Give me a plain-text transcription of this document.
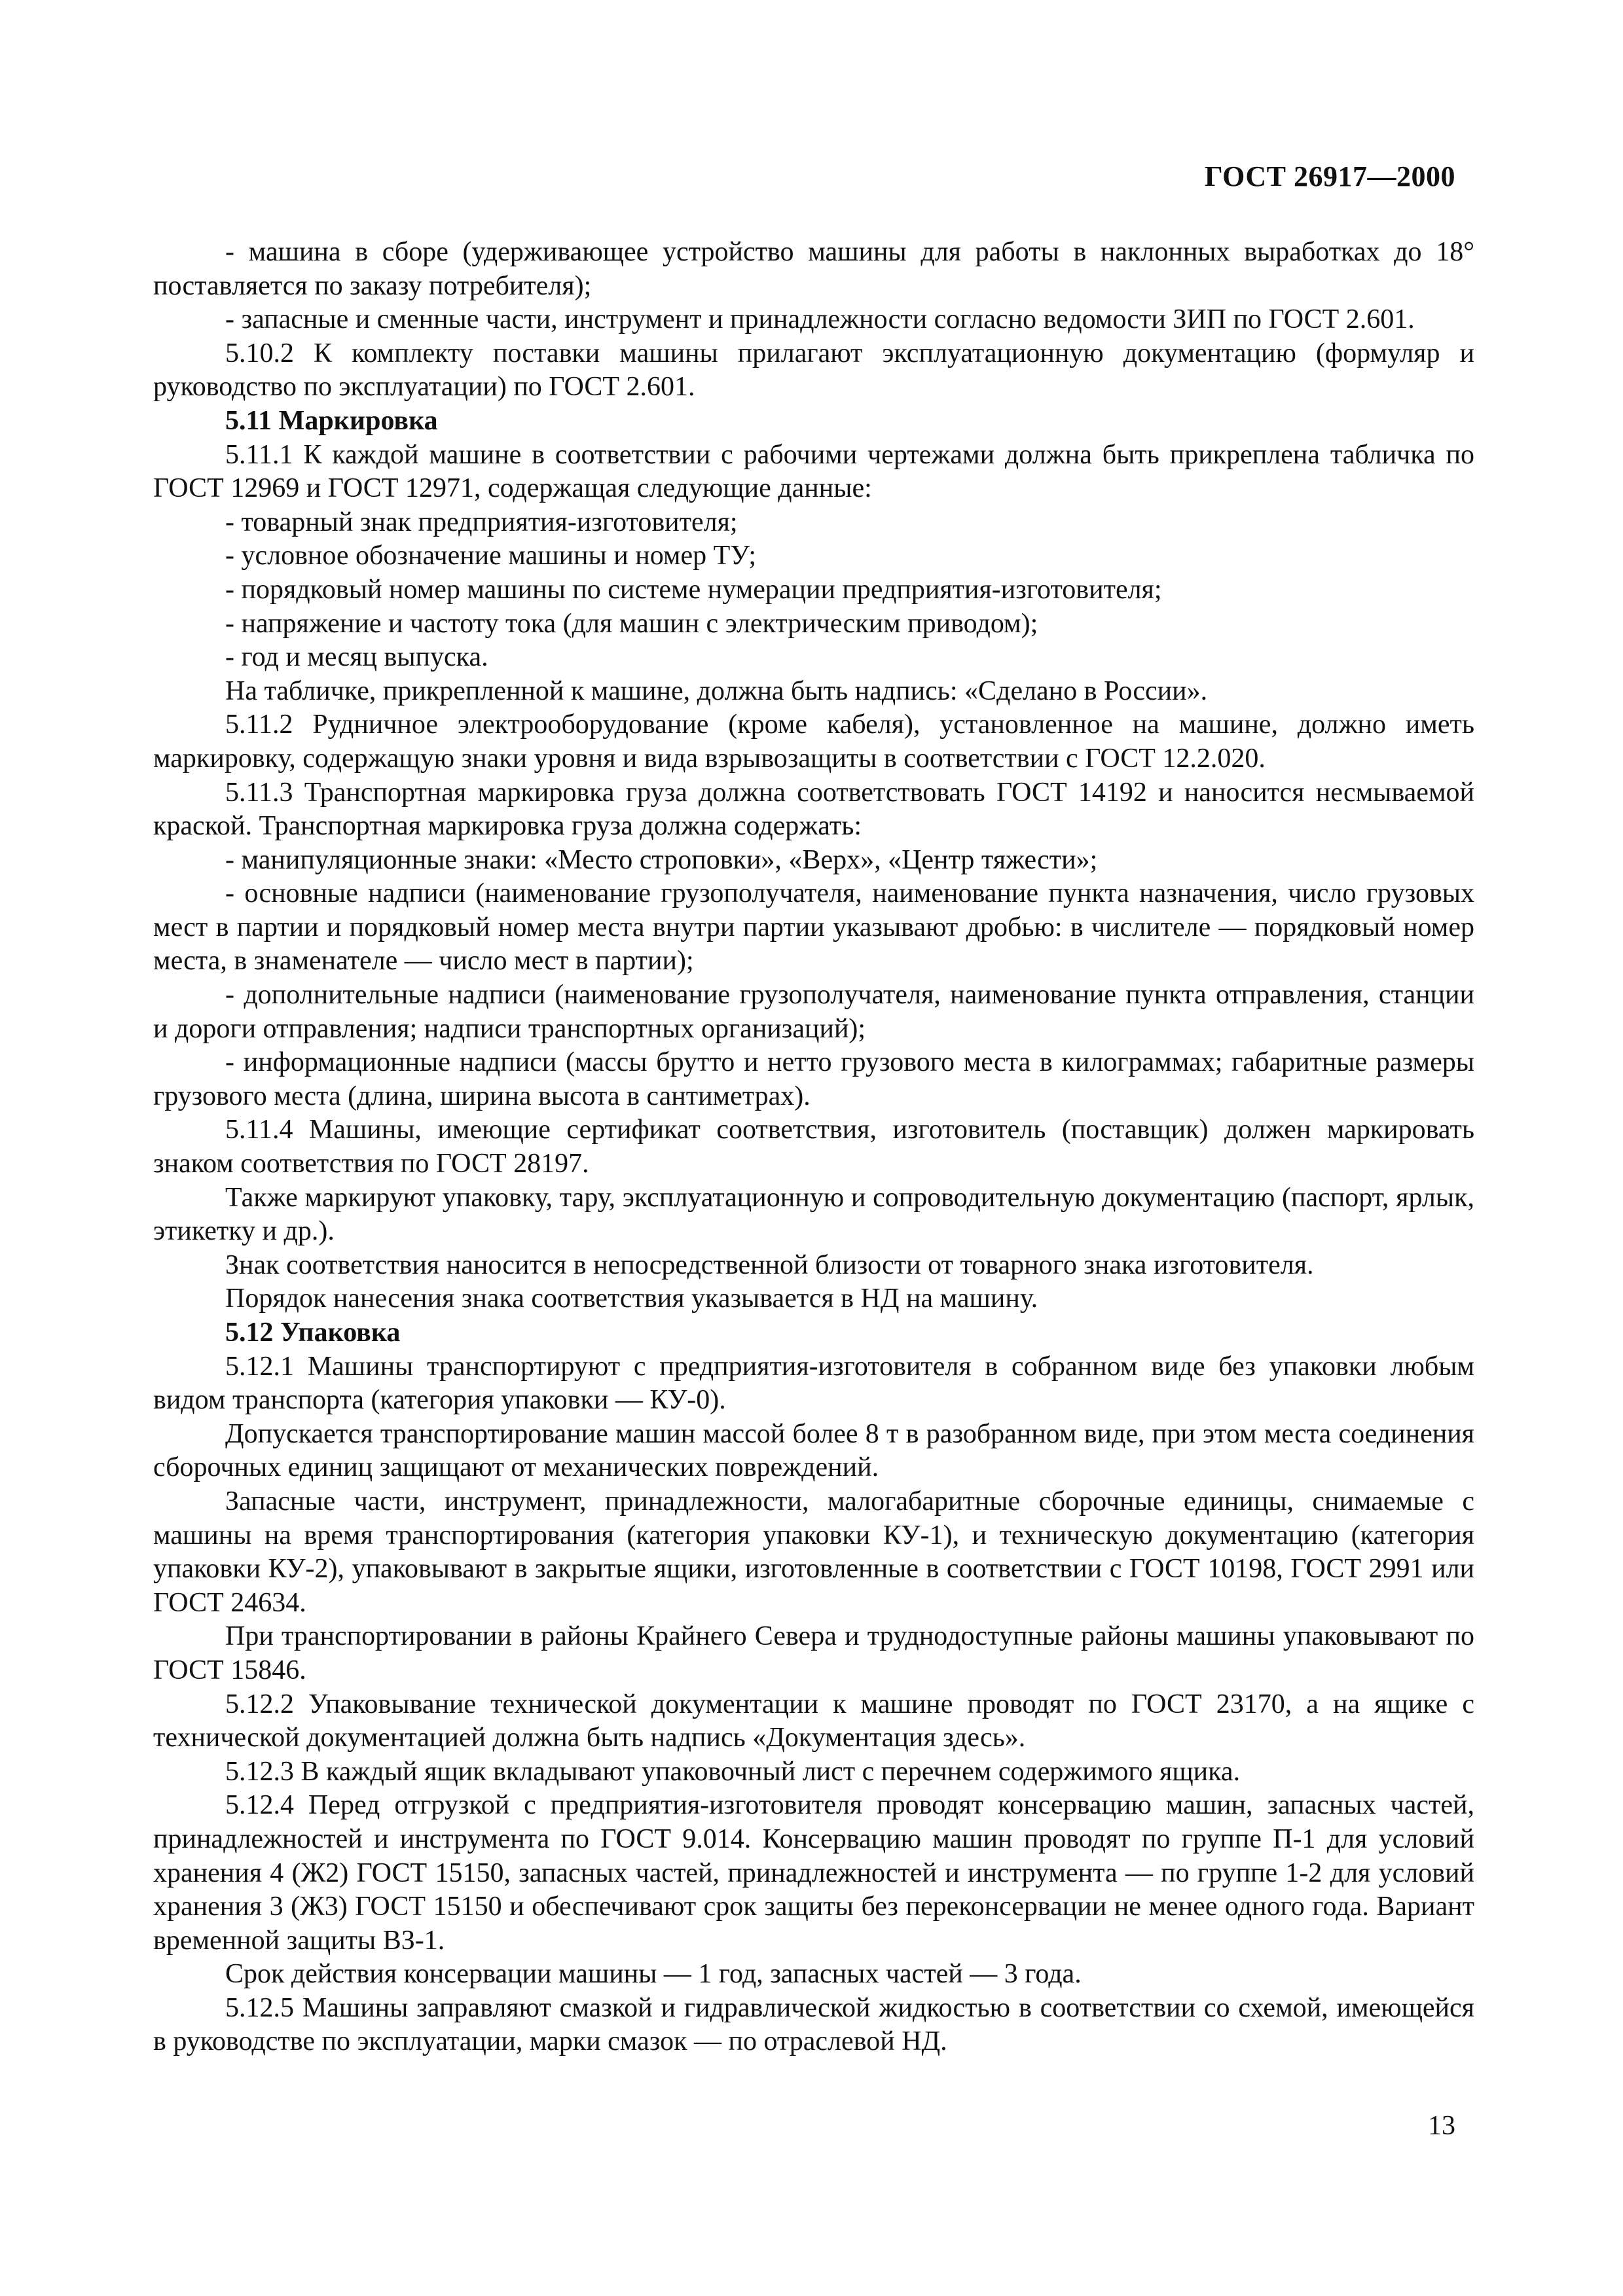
ГОСТ 26917—2000

- машина в сборе (удерживающее устройство машины для работы в наклонных выработках до 18° поставляется по заказу потребителя);

- запасные и сменные части, инструмент и принадлежности согласно ведомости ЗИП по ГОСТ 2.601.

5.10.2 К комплекту поставки машины прилагают эксплуатационную документацию (формуляр и руководство по эксплуатации) по ГОСТ 2.601.

5.11 Маркировка

5.11.1 К каждой машине в соответствии с рабочими чертежами должна быть прикреплена табличка по ГОСТ 12969 и ГОСТ 12971, содержащая следующие данные:

- товарный знак предприятия-изготовителя;

- условное обозначение машины и номер ТУ;

- порядковый номер машины по системе нумерации предприятия-изготовителя;

- напряжение и частоту тока (для машин с электрическим приводом);

- год и месяц выпуска.

На табличке, прикрепленной к машине, должна быть надпись: «Сделано в России».

5.11.2 Рудничное электрооборудование (кроме кабеля), установленное на машине, должно иметь маркировку, содержащую знаки уровня и вида взрывозащиты в соответствии с ГОСТ 12.2.020.

5.11.3 Транспортная маркировка груза должна соответствовать ГОСТ 14192 и наносится несмываемой краской. Транспортная маркировка груза должна содержать:

- манипуляционные знаки: «Место строповки», «Верх», «Центр тяжести»;

- основные надписи (наименование грузополучателя, наименование пункта назначения, число грузовых мест в партии и порядковый номер места внутри партии указывают дробью: в числителе — порядковый номер места, в знаменателе — число мест в партии);

- дополнительные надписи (наименование грузополучателя, наименование пункта отправления, станции и дороги отправления; надписи транспортных организаций);

- информационные надписи (массы брутто и нетто грузового места в килограммах; габаритные размеры грузового места (длина, ширина высота в сантиметрах).

5.11.4 Машины, имеющие сертификат соответствия, изготовитель (поставщик) должен маркировать знаком соответствия по ГОСТ 28197.

Также маркируют упаковку, тару, эксплуатационную и сопроводительную документацию (паспорт, ярлык, этикетку и др.).

Знак соответствия наносится в непосредственной близости от товарного знака изготовителя.

Порядок нанесения знака соответствия указывается в НД на машину.

5.12 Упаковка

5.12.1 Машины транспортируют с предприятия-изготовителя в собранном виде без упаковки любым видом транспорта (категория упаковки — КУ-0).

Допускается транспортирование машин массой более 8 т в разобранном виде, при этом места соединения сборочных единиц защищают от механических повреждений.

Запасные части, инструмент, принадлежности, малогабаритные сборочные единицы, снимаемые с машины на время транспортирования (категория упаковки КУ-1), и техническую документацию (категория упаковки КУ-2), упаковывают в закрытые ящики, изготовленные в соответствии с ГОСТ 10198, ГОСТ 2991 или ГОСТ 24634.

При транспортировании в районы Крайнего Севера и труднодоступные районы машины упаковывают по ГОСТ 15846.

5.12.2 Упаковывание технической документации к машине проводят по ГОСТ 23170, а на ящике с технической документацией должна быть надпись «Документация здесь».

5.12.3 В каждый ящик вкладывают упаковочный лист с перечнем содержимого ящика.

5.12.4 Перед отгрузкой с предприятия-изготовителя проводят консервацию машин, запасных частей, принадлежностей и инструмента по ГОСТ 9.014. Консервацию машин проводят по группе П-1 для условий хранения 4 (Ж2) ГОСТ 15150, запасных частей, принадлежностей и инструмента — по группе 1-2 для условий хранения 3 (Ж3) ГОСТ 15150 и обеспечивают срок защиты без переконсервации не менее одного года. Вариант временной защиты ВЗ-1.

Срок действия консервации машины — 1 год, запасных частей — 3 года.

5.12.5 Машины заправляют смазкой и гидравлической жидкостью в соответствии со схемой, имеющейся в руководстве по эксплуатации, марки смазок — по отраслевой НД.

13
